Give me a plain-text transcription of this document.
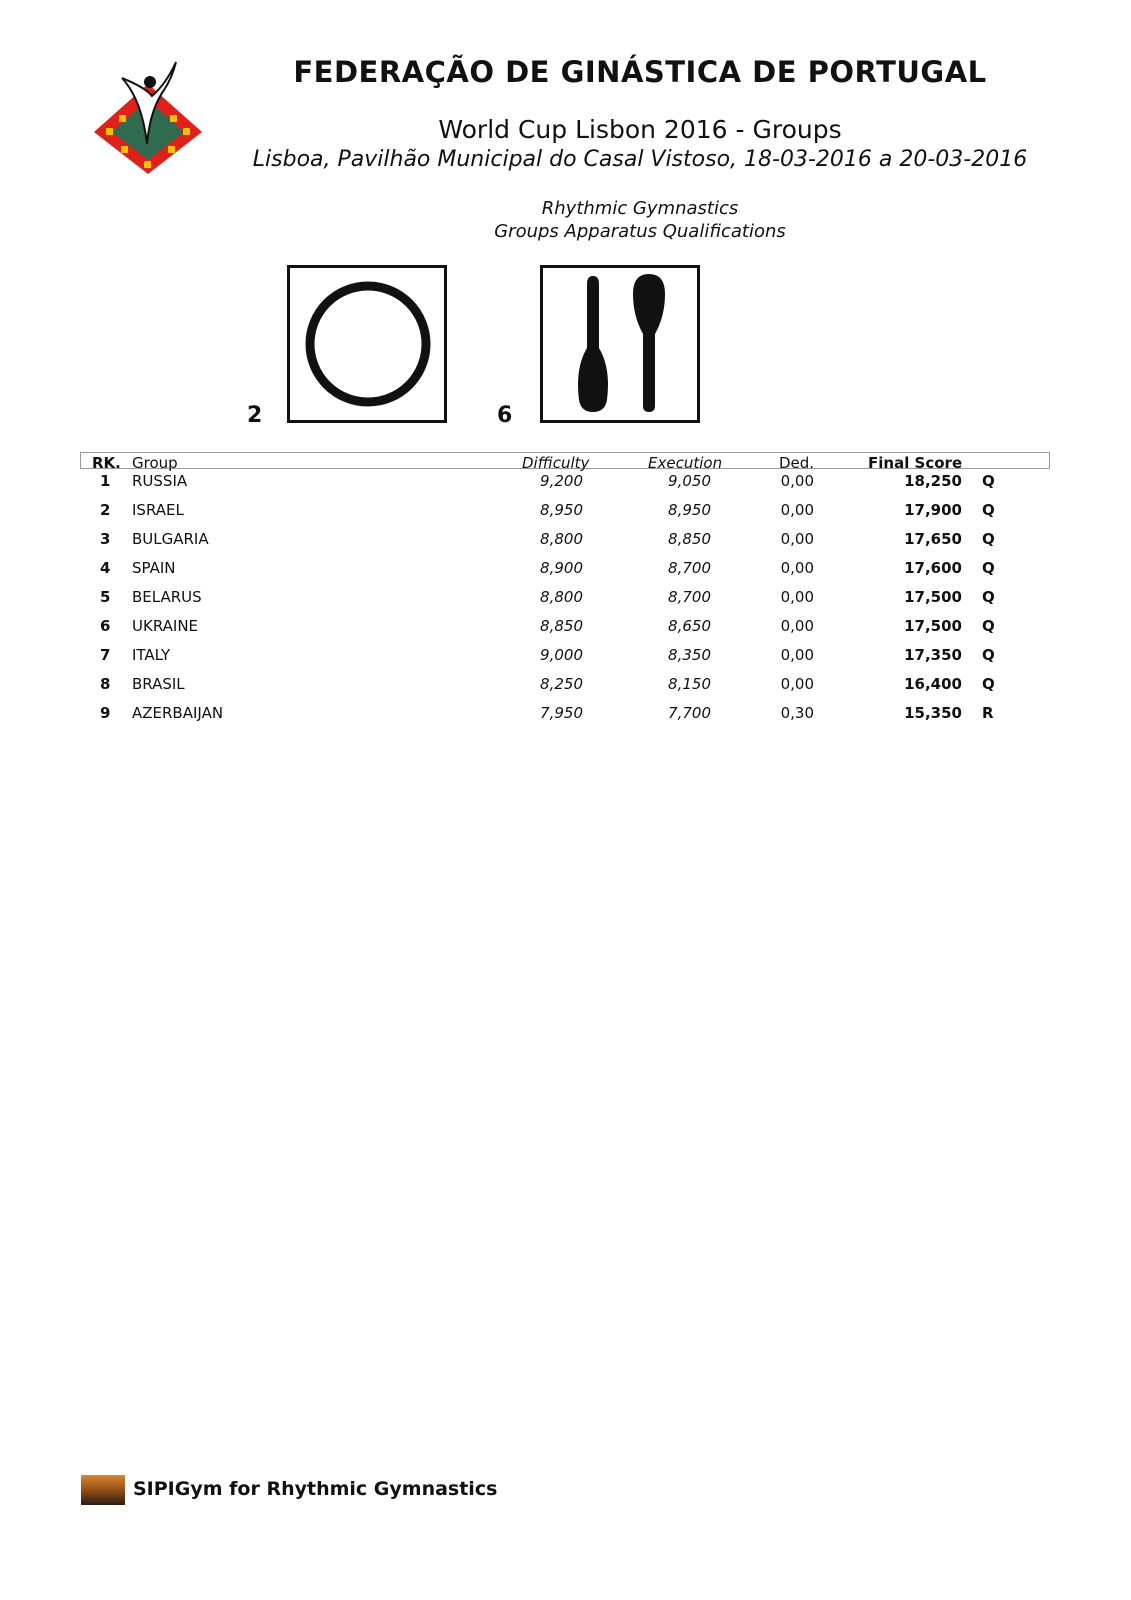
FEDERAÇÃO DE GINÁSTICA DE PORTUGAL
World Cup Lisbon 2016 - Groups
Lisboa, Pavilhão Municipal do Casal Vistoso, 18-03-2016 a 20-03-2016
Rhythmic Gymnastics
Groups Apparatus Qualifications
2	6
RK. Group	Difficulty	Execution	Ded.	Final Score
1 RUSSIA	9,200	9,050	0,00	18,250 Q
2 ISRAEL	8,950	8,950	0,00	17,900 Q
3 BULGARIA	8,800	8,850	0,00	17,650 Q
4 SPAIN	8,900	8,700	0,00	17,600 Q
5 BELARUS	8,800	8,700	0,00	17,500 Q
6 UKRAINE	8,850	8,650	0,00	17,500 Q
7 ITALY	9,000	8,350	0,00	17,350 Q
8 BRASIL	8,250	8,150	0,00	16,400 Q
9 AZERBAIJAN	7,950	7,700	0,30	15,350 R
SIPIGym for Rhythmic Gymnastics
